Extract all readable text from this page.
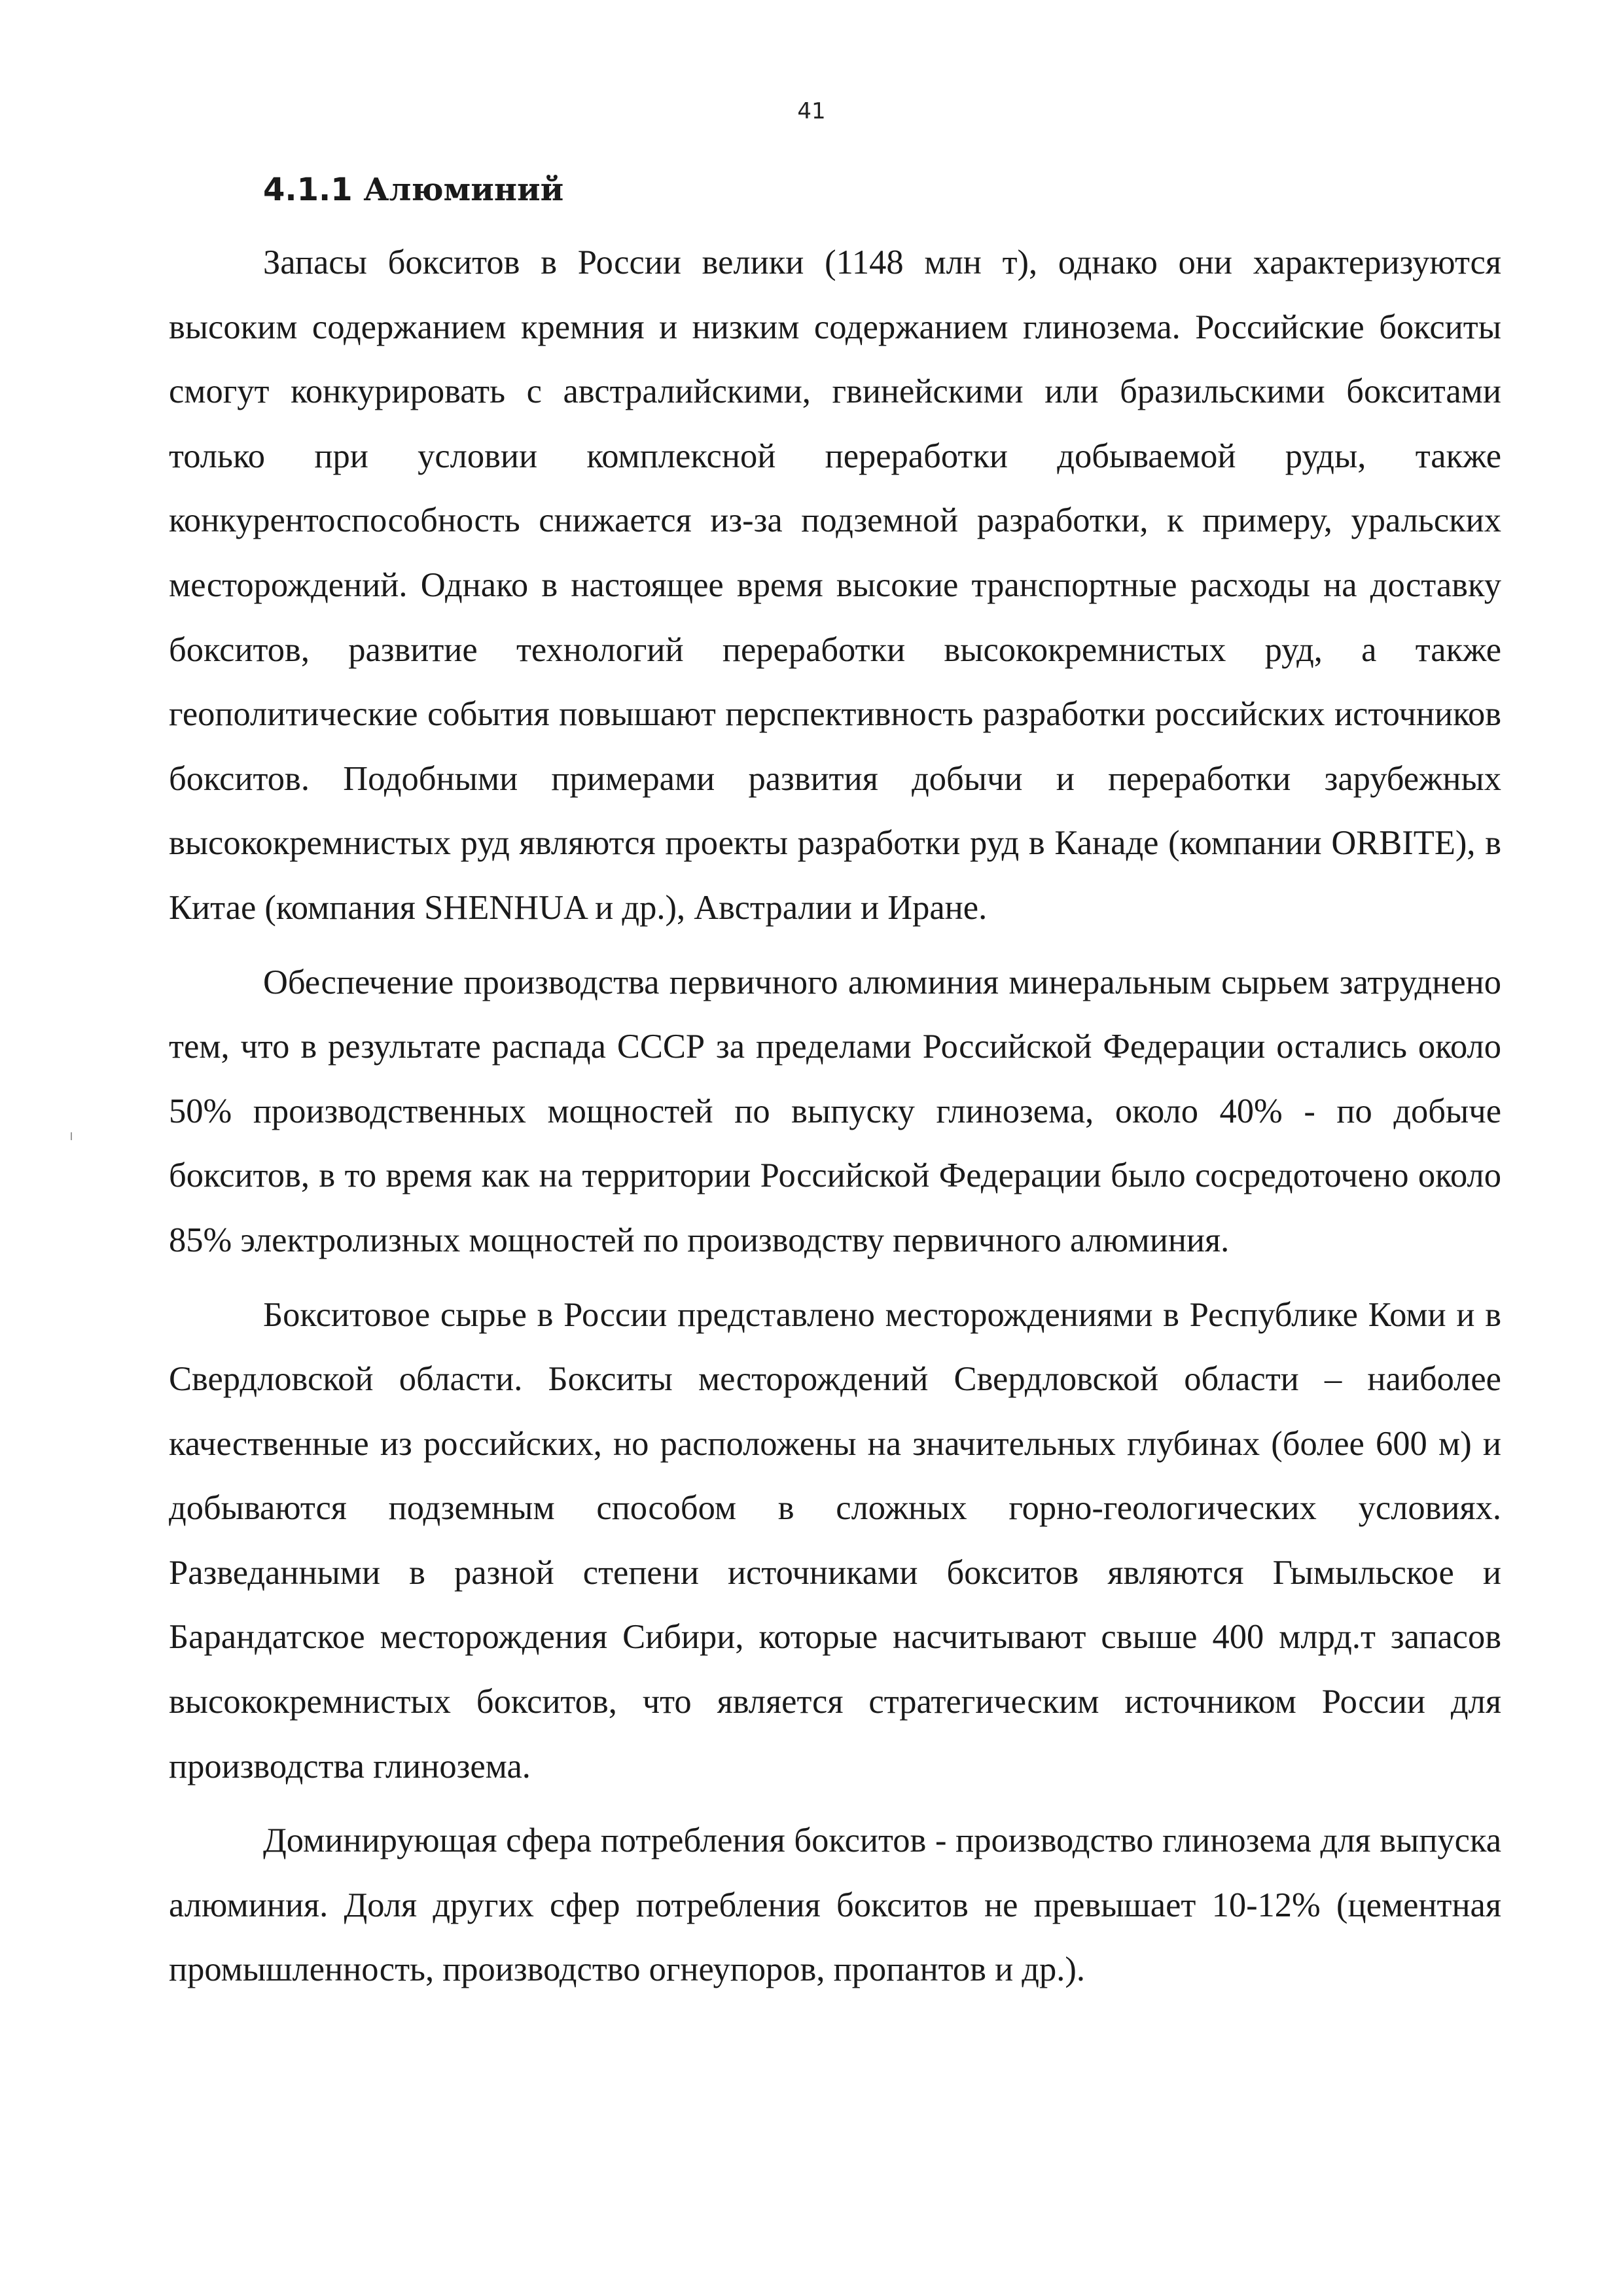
41
4.1.1 Алюминий

Запасы бокситов в России велики (1148 млн т), однако они характеризуются высоким содержанием кремния и низким содержанием глинозема. Российские бокситы смогут конкурировать с австралийскими, гвинейскими или бразильскими бокситами только при условии комплексной переработки добываемой руды, также конкурентоспособность снижается из-за подземной разработки, к примеру, уральских месторождений. Однако в настоящее время высокие транспортные расходы на доставку бокситов, развитие технологий переработки высококремнистых руд, а также геополитические события повышают перспективность разработки российских источников бокситов. Подобными примерами развития добычи и переработки зарубежных высококремнистых руд являются проекты разработки руд в Канаде (компании ORBITE), в Китае (компания SHENHUA и др.), Австралии и Иране.

Обеспечение производства первичного алюминия минеральным сырьем затруднено тем, что в результате распада СССР за пределами Российской Федерации остались около 50% производственных мощностей по выпуску глинозема, около 40% - по добыче бокситов, в то время как на территории Российской Федерации было сосредоточено около 85% электролизных мощностей по производству первичного алюминия.

Бокситовое сырье в России представлено месторождениями в Республике Коми и в Свердловской области. Бокситы месторождений Свердловской области – наиболее качественные из российских, но расположены на значительных глубинах (более 600 м) и добываются подземным способом в сложных горно-геологических условиях. Разведанными в разной степени источниками бокситов являются Гымыльское и Барандатское месторождения Сибири, которые насчитывают свыше 400 млрд.т запасов высококремнистых бокситов, что является стратегическим источником России для производства глинозема.

Доминирующая сфера потребления бокситов - производство глинозема для выпуска алюминия. Доля других сфер потребления бокситов не превышает 10-12% (цементная промышленность, производство огнеупоров, пропантов и др.).
